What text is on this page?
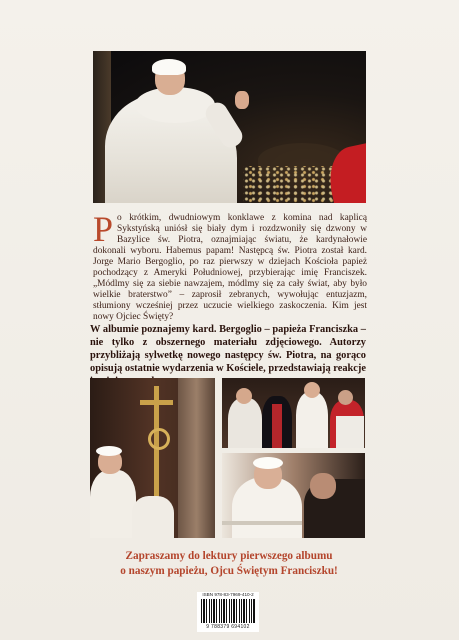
Po krótkim, dwudniowym konklawe z komina nad kaplicą Sykstyńską uniósł się biały dym i rozdzwoniły się dzwony w Bazylice św. Piotra, oznajmiając światu, że kardynałowie dokonali wyboru. Habemus papam! Następcą św. Piotra został kard. Jorge Mario Bergoglio, po raz pierwszy w dziejach Kościoła papież pochodzący z Ameryki Południowej, przybierając imię Franciszek. „Módlmy się za siebie nawzajem, módlmy się za cały świat, aby było wielkie braterstwo” – zaprosił zebranych, wywołując entuzjazm, stłumiony wcześniej przez uczucie wielkiego zaskoczenia. Kim jest nowy Ojciec Święty?

W albumie poznajemy kard. Bergoglio – papieża Franciszka – nie tylko z obszernego materiału zdjęciowego. Autorzy przybliżają sylwetkę nowego następcy św. Piotra, na gorąco opisują ostatnie wydarzenia w Kościele, przedstawiają reakcje

Zapraszamy do lektury pierwszego albumu
o naszym papieżu, Ojcu Świętym Franciszku!

ISBN 978-83-7969-410-2
9 788379 694102
